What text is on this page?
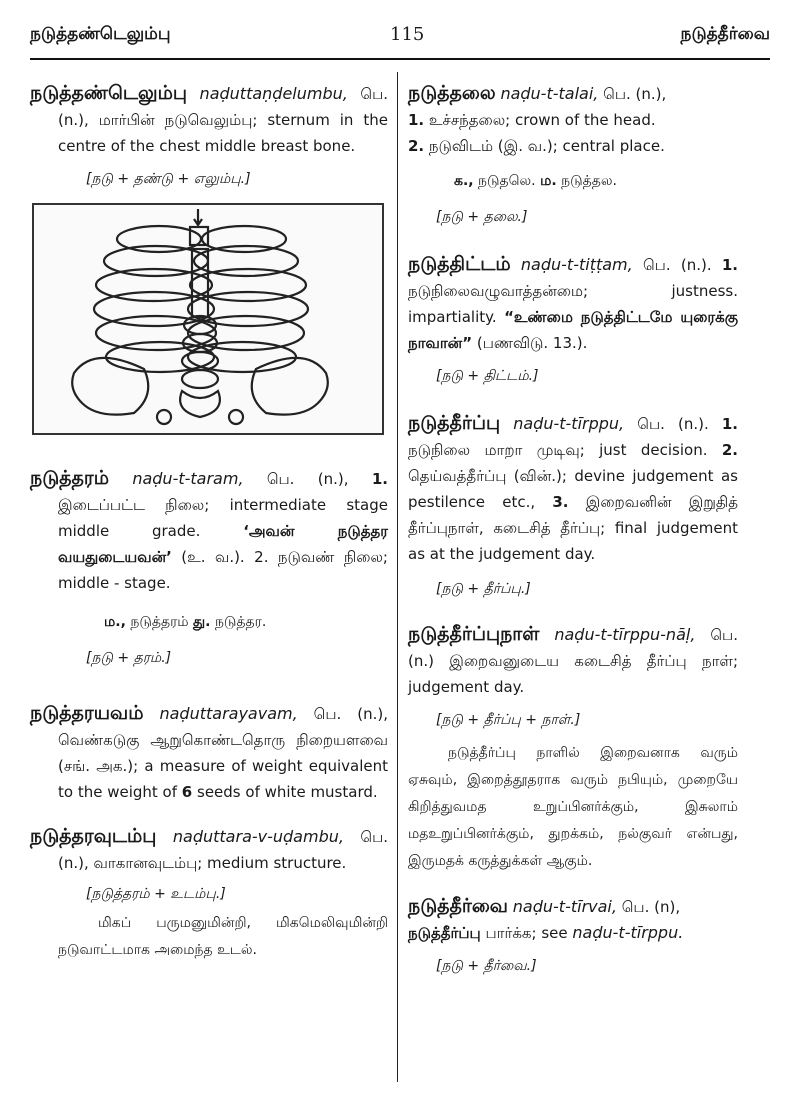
நடுத்தண்டெலும்பு	115	நடுத்தீர்வை
நடுத்தண்டெலும்பு naḍuttaṇḍelumbu, பெ. (n.), மார்பின் நடுவெலும்பு; sternum in the centre of the chest middle breast bone.
[நடு + தண்டு + எலும்பு.]
நடுத்தரம் naḍu-t-taram, பெ. (n.), 1. இடைப்பட்ட நிலை; intermediate stage middle grade.	‘அவன் நடுத்தர வயதுடையவன்’ (உ. வ.). 2. நடுவண் நிலை; middle - stage.
ம., நடுத்தரம் து. நடுத்தர.
[நடு + தரம்.]
நடுத்தரயவம் naḍuttarayavam, பெ. (n.), வெண்கடுகு ஆறுகொண்டதொரு நிறையளவை (சங். அக.); a measure of weight equivalent to the weight of 6 seeds of white mustard.
நடுத்தரவுடம்பு naḍuttara-v-uḍambu, பெ. (n.), வாகானவுடம்பு; medium structure.
[நடுத்தரம் + உடம்பு.]
மிகப் பருமனுமின்றி, மிகமெலிவுமின்றி நடுவாட்டமாக அமைந்த உடல்.
நடுத்தலை naḍu-t-talai, பெ. (n.),
1. உச்சந்தலை; crown of the head.
2. நடுவிடம் (இ. வ.); central place.
க., நடுதலெ. ம. நடுத்தல.
[நடு + தலை.]
நடுத்திட்டம் naḍu-t-tiṭṭam, பெ. (n.). 1. நடுநிலைவழுவாத்தன்மை; justness. impartiality. “உண்மை நடுத்திட்டமே யுரைக்கு நாவான்” (பணவிடு. 13.).
[நடு + திட்டம்.]
நடுத்தீர்ப்பு naḍu-t-tīrppu, பெ. (n.). 1. நடுநிலை மாறா முடிவு; just decision. 2. தெய்வத்தீர்ப்பு (வின்.); devine judgement as pestilence etc., 3. இறைவனின் இறுதித் தீர்ப்புநாள், கடைசித் தீர்ப்பு; final judgement as at the judgement day.
[நடு + தீர்ப்பு.]
நடுத்தீர்ப்புநாள் naḍu-t-tīrppu-nāḷ, பெ. (n.) இறைவனுடைய கடைசித் தீர்ப்பு நாள்; judgement day.
[நடு + தீர்ப்பு + நாள்.]
நடுத்தீர்ப்பு நாளில் இறைவனாக வரும் ஏசுவும், இறைத்தூதராக வரும் நபியும், முறையே கிறித்துவமத உறுப்பினர்க்கும், இசுலாம் மதஉறுப்பினர்க்கும், துறக்கம், நல்குவர் என்பது, இருமதக் கருத்துக்கள் ஆகும்.
நடுத்தீர்வை naḍu-t-tīrvai, பெ. (n),
நடுத்தீர்ப்பு பார்க்க; see naḍu-t-tīrppu.
[நடு + தீர்வை.]
